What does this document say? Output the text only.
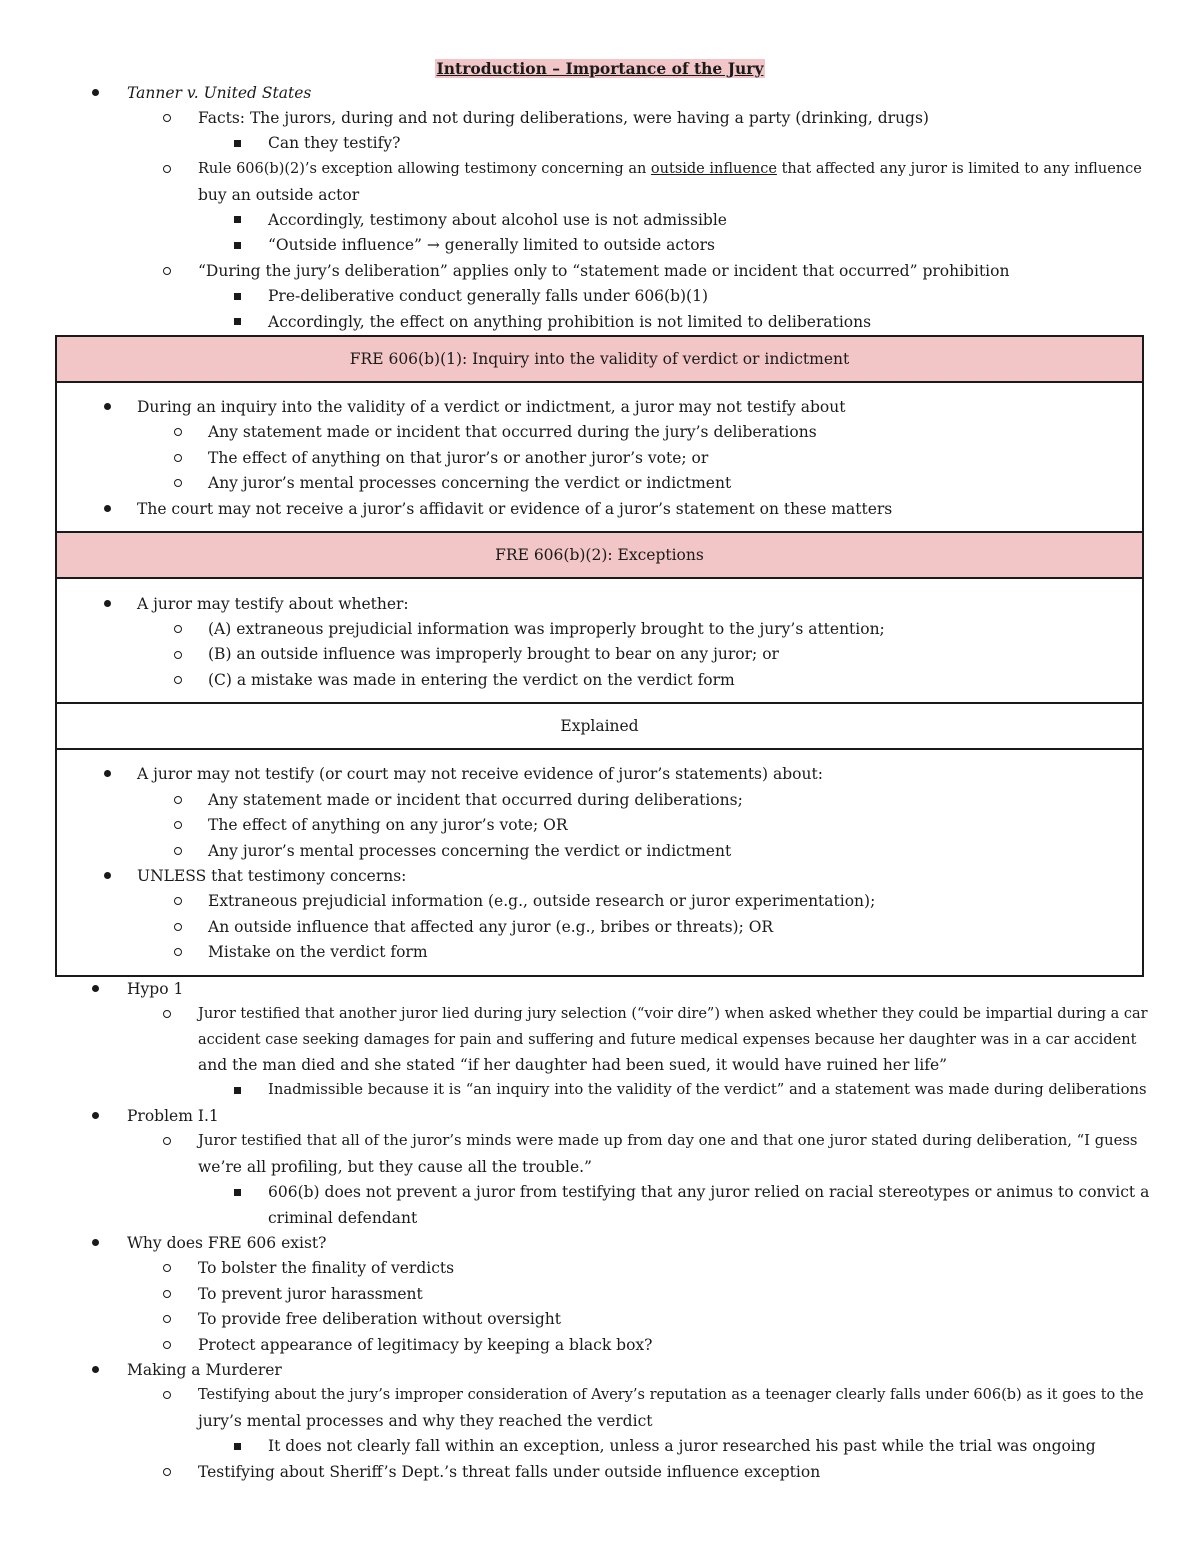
Introduction – Importance of the Jury
Tanner v. United States
Facts: The jurors, during and not during deliberations, were having a party (drinking, drugs)
Can they testify?
Rule 606(b)(2)’s exception allowing testimony concerning an outside influence that affected any juror is limited to any influence
buy an outside actor
Accordingly, testimony about alcohol use is not admissible
“Outside influence” → generally limited to outside actors
“During the jury’s deliberation” applies only to “statement made or incident that occurred” prohibition
Pre-deliberative conduct generally falls under 606(b)(1)
Accordingly, the effect on anything prohibition is not limited to deliberations
FRE 606(b)(1): Inquiry into the validity of verdict or indictment
During an inquiry into the validity of a verdict or indictment, a juror may not testify about
Any statement made or incident that occurred during the jury’s deliberations
The effect of anything on that juror’s or another juror’s vote; or
Any juror’s mental processes concerning the verdict or indictment
The court may not receive a juror’s affidavit or evidence of a juror’s statement on these matters
FRE 606(b)(2): Exceptions
A juror may testify about whether:
(A) extraneous prejudicial information was improperly brought to the jury’s attention;
(B) an outside influence was improperly brought to bear on any juror; or
(C) a mistake was made in entering the verdict on the verdict form
Explained
A juror may not testify (or court may not receive evidence of juror’s statements) about:
Any statement made or incident that occurred during deliberations;
The effect of anything on any juror’s vote; OR
Any juror’s mental processes concerning the verdict or indictment
UNLESS that testimony concerns:
Extraneous prejudicial information (e.g., outside research or juror experimentation);
An outside influence that affected any juror (e.g., bribes or threats); OR
Mistake on the verdict form
Hypo 1
Juror testified that another juror lied during jury selection (“voir dire”) when asked whether they could be impartial during a car
accident case seeking damages for pain and suffering and future medical expenses because her daughter was in a car accident
and the man died and she stated “if her daughter had been sued, it would have ruined her life”
Inadmissible because it is “an inquiry into the validity of the verdict” and a statement was made during deliberations
Problem I.1
Juror testified that all of the juror’s minds were made up from day one and that one juror stated during deliberation, “I guess
we’re all profiling, but they cause all the trouble.”
606(b) does not prevent a juror from testifying that any juror relied on racial stereotypes or animus to convict a
criminal defendant
Why does FRE 606 exist?
To bolster the finality of verdicts
To prevent juror harassment
To provide free deliberation without oversight
Protect appearance of legitimacy by keeping a black box?
Making a Murderer
Testifying about the jury’s improper consideration of Avery’s reputation as a teenager clearly falls under 606(b) as it goes to the
jury’s mental processes and why they reached the verdict
It does not clearly fall within an exception, unless a juror researched his past while the trial was ongoing
Testifying about Sheriff’s Dept.’s threat falls under outside influence exception
